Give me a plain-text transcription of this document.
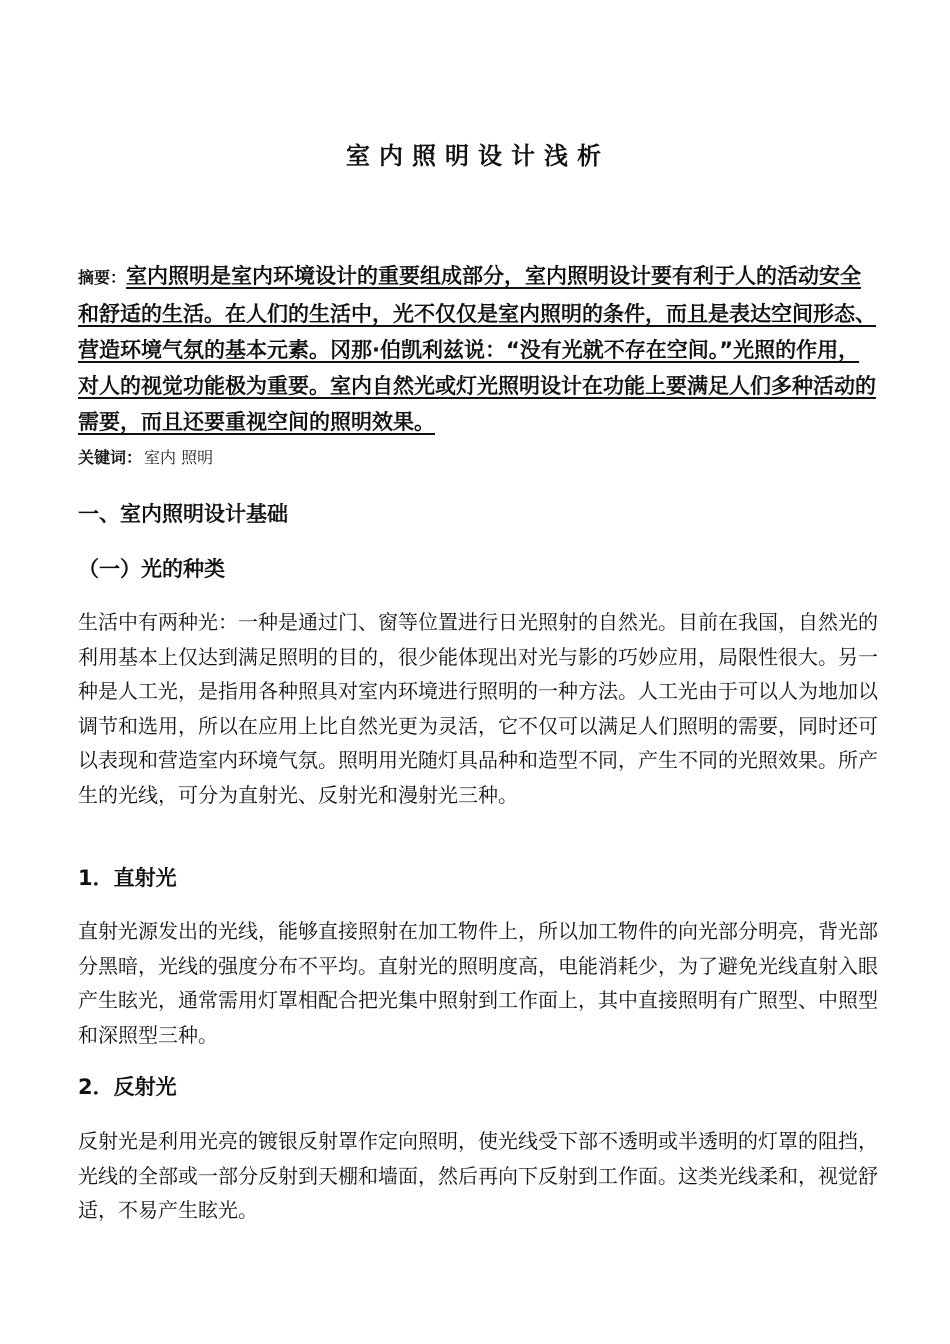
室内照明设计浅析

摘要：室内照明是室内环境设计的重要组成部分，室内照明设计要有利于人的活动安全和舒适的生活。在人们的生活中，光不仅仅是室内照明的条件，而且是表达空间形态、营造环境气氛的基本元素。冈那·伯凯利兹说：“没有光就不存在空间。”光照的作用，对人的视觉功能极为重要。室内自然光或灯光照明设计在功能上要满足人们多种活动的需要，而且还要重视空间的照明效果。

关键词： 室内 照明

一、室内照明设计基础
（一）光的种类

生活中有两种光：一种是通过门、窗等位置进行日光照射的自然光。目前在我国，自然光的利用基本上仅达到满足照明的目的，很少能体现出对光与影的巧妙应用，局限性很大。另一种是人工光，是指用各种照具对室内环境进行照明的一种方法。人工光由于可以人为地加以调节和选用，所以在应用上比自然光更为灵活，它不仅可以满足人们照明的需要，同时还可以表现和营造室内环境气氛。照明用光随灯具品种和造型不同，产生不同的光照效果。所产生的光线，可分为直射光、反射光和漫射光三种。

1．直射光

直射光源发出的光线，能够直接照射在加工物件上，所以加工物件的向光部分明亮，背光部分黑暗，光线的强度分布不平均。直射光的照明度高，电能消耗少，为了避免光线直射入眼产生眩光，通常需用灯罩相配合把光集中照射到工作面上，其中直接照明有广照型、中照型和深照型三种。

2．反射光

反射光是利用光亮的镀银反射罩作定向照明，使光线受下部不透明或半透明的灯罩的阻挡，光线的全部或一部分反射到天棚和墙面，然后再向下反射到工作面。这类光线柔和，视觉舒适，不易产生眩光。
